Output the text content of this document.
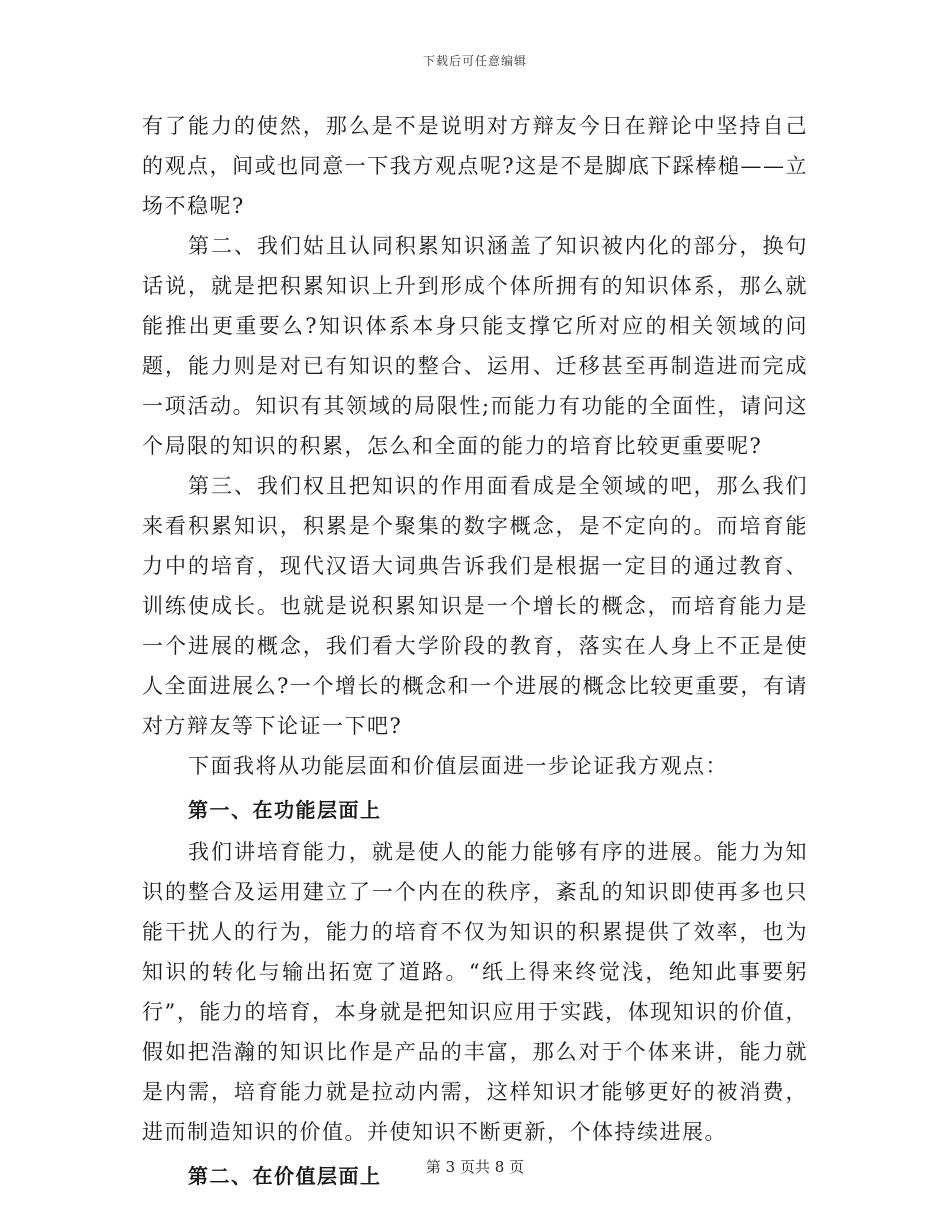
下载后可任意编辑

有了能力的使然，那么是不是说明对方辩友今日在辩论中坚持自己的观点，间或也同意一下我方观点呢?这是不是脚底下踩棒槌——立场不稳呢?

第二、我们姑且认同积累知识涵盖了知识被内化的部分，换句话说，就是把积累知识上升到形成个体所拥有的知识体系，那么就能推出更重要么?知识体系本身只能支撑它所对应的相关领域的问题，能力则是对已有知识的整合、运用、迁移甚至再制造进而完成一项活动。知识有其领域的局限性;而能力有功能的全面性，请问这个局限的知识的积累，怎么和全面的能力的培育比较更重要呢?

第三、我们权且把知识的作用面看成是全领域的吧，那么我们来看积累知识，积累是个聚集的数字概念，是不定向的。而培育能力中的培育，现代汉语大词典告诉我们是根据一定目的通过教育、训练使成长。也就是说积累知识是一个增长的概念，而培育能力是一个进展的概念，我们看大学阶段的教育，落实在人身上不正是使人全面进展么?一个增长的概念和一个进展的概念比较更重要，有请对方辩友等下论证一下吧?

下面我将从功能层面和价值层面进一步论证我方观点：

第一、在功能层面上

我们讲培育能力，就是使人的能力能够有序的进展。能力为知识的整合及运用建立了一个内在的秩序，紊乱的知识即使再多也只能干扰人的行为，能力的培育不仅为知识的积累提供了效率，也为知识的转化与输出拓宽了道路。“纸上得来终觉浅，绝知此事要躬行”，能力的培育，本身就是把知识应用于实践，体现知识的价值，假如把浩瀚的知识比作是产品的丰富，那么对于个体来讲，能力就是内需，培育能力就是拉动内需，这样知识才能够更好的被消费，进而制造知识的价值。并使知识不断更新，个体持续进展。

第二、在价值层面上	第 3 页共 8 页
